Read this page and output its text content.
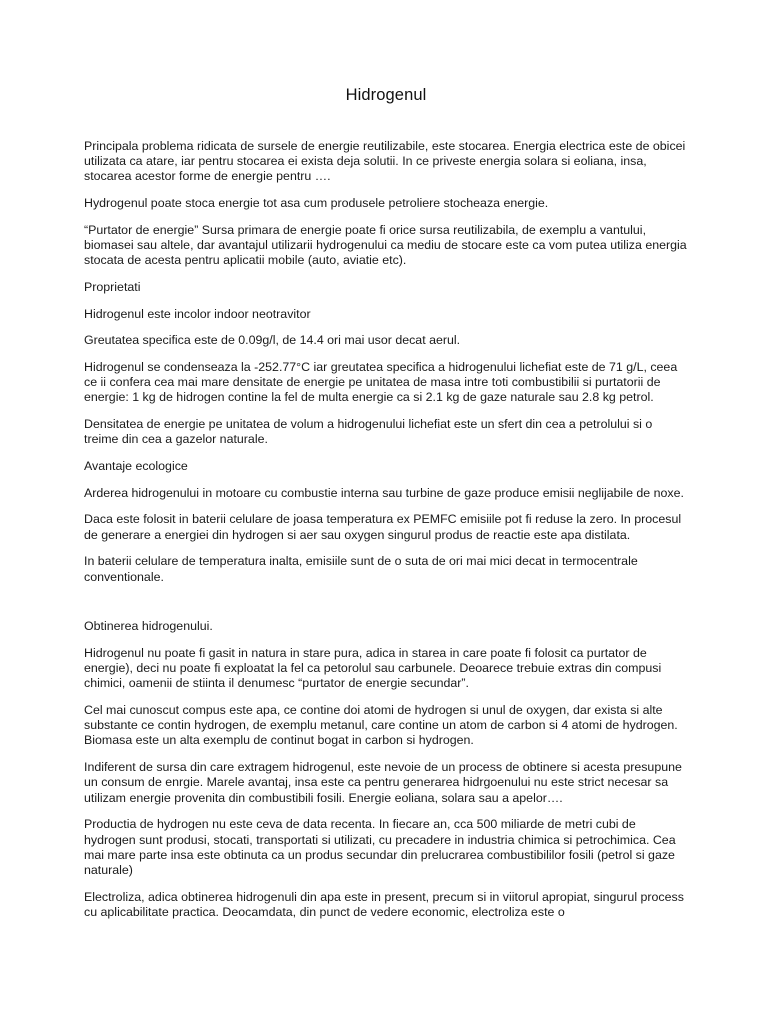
Hidrogenul

Principala problema ridicata de sursele de energie reutilizabile, este stocarea. Energia electrica este de obicei utilizata ca atare, iar pentru stocarea ei exista deja solutii. In ce priveste energia solara si eoliana, insa, stocarea acestor forme de energie pentru ….

Hydrogenul poate stoca energie tot asa cum produsele petroliere stocheaza energie.

“Purtator de energie” Sursa primara de energie poate fi orice sursa reutilizabila, de exemplu a vantului, biomasei sau altele, dar avantajul utilizarii hydrogenului ca mediu de stocare este ca vom putea utiliza energia stocata de acesta pentru aplicatii mobile (auto, aviatie etc).

Proprietati

Hidrogenul este incolor indoor neotravitor

Greutatea specifica este de 0.09g/l, de 14.4 ori mai usor decat aerul.

Hidrogenul se condenseaza la -252.77°C iar greutatea specifica a hidrogenului lichefiat este de 71 g/L, ceea ce ii confera cea mai mare densitate de energie pe unitatea de masa intre toti combustibilii si purtatorii de energie: 1 kg de hidrogen contine la fel de multa energie ca si 2.1 kg de gaze naturale sau 2.8 kg petrol.

Densitatea de energie pe unitatea de volum a hidrogenului lichefiat este un sfert din cea a petrolului si o treime din cea a gazelor naturale.

Avantaje ecologice

Arderea hidrogenului in motoare cu combustie interna sau turbine de gaze produce emisii neglijabile de noxe.

Daca este folosit in baterii celulare de joasa temperatura ex PEMFC emisiile pot fi reduse la zero. In procesul de generare a energiei din hydrogen si aer sau oxygen singurul produs de reactie este apa distilata.

In baterii celulare de temperatura inalta, emisiile sunt de o suta de ori mai mici decat in termocentrale conventionale.

Obtinerea hidrogenului.

Hidrogenul nu poate fi gasit in natura in stare pura, adica in starea in care poate fi folosit ca purtator de energie), deci nu poate fi exploatat la fel ca petorolul sau carbunele. Deoarece trebuie extras din compusi chimici, oamenii de stiinta il denumesc “purtator de energie secundar”.

Cel mai cunoscut compus este apa, ce contine doi atomi de hydrogen si unul de oxygen, dar exista si alte substante ce contin hydrogen, de exemplu metanul, care contine un atom de carbon si 4 atomi de hydrogen. Biomasa este un alta exemplu de continut bogat in carbon si hydrogen.

Indiferent de sursa din care extragem hidrogenul, este nevoie de un process de obtinere si acesta presupune un consum de enrgie. Marele avantaj, insa este ca pentru generarea hidrgoenului nu este strict necesar sa utilizam energie provenita din combustibili fosili. Energie eoliana, solara sau a apelor….

Productia de hydrogen nu este ceva de data recenta. In fiecare an, cca 500 miliarde de metri cubi de hydrogen sunt produsi, stocati, transportati si utilizati, cu precadere in industria chimica si petrochimica. Cea mai mare parte insa este obtinuta ca un produs secundar din prelucrarea combustibililor fosili (petrol si gaze naturale)

Electroliza, adica obtinerea hidrogenuli din apa este in present, precum si in viitorul apropiat, singurul process cu aplicabilitate practica. Deocamdata, din punct de vedere economic, electroliza este o
